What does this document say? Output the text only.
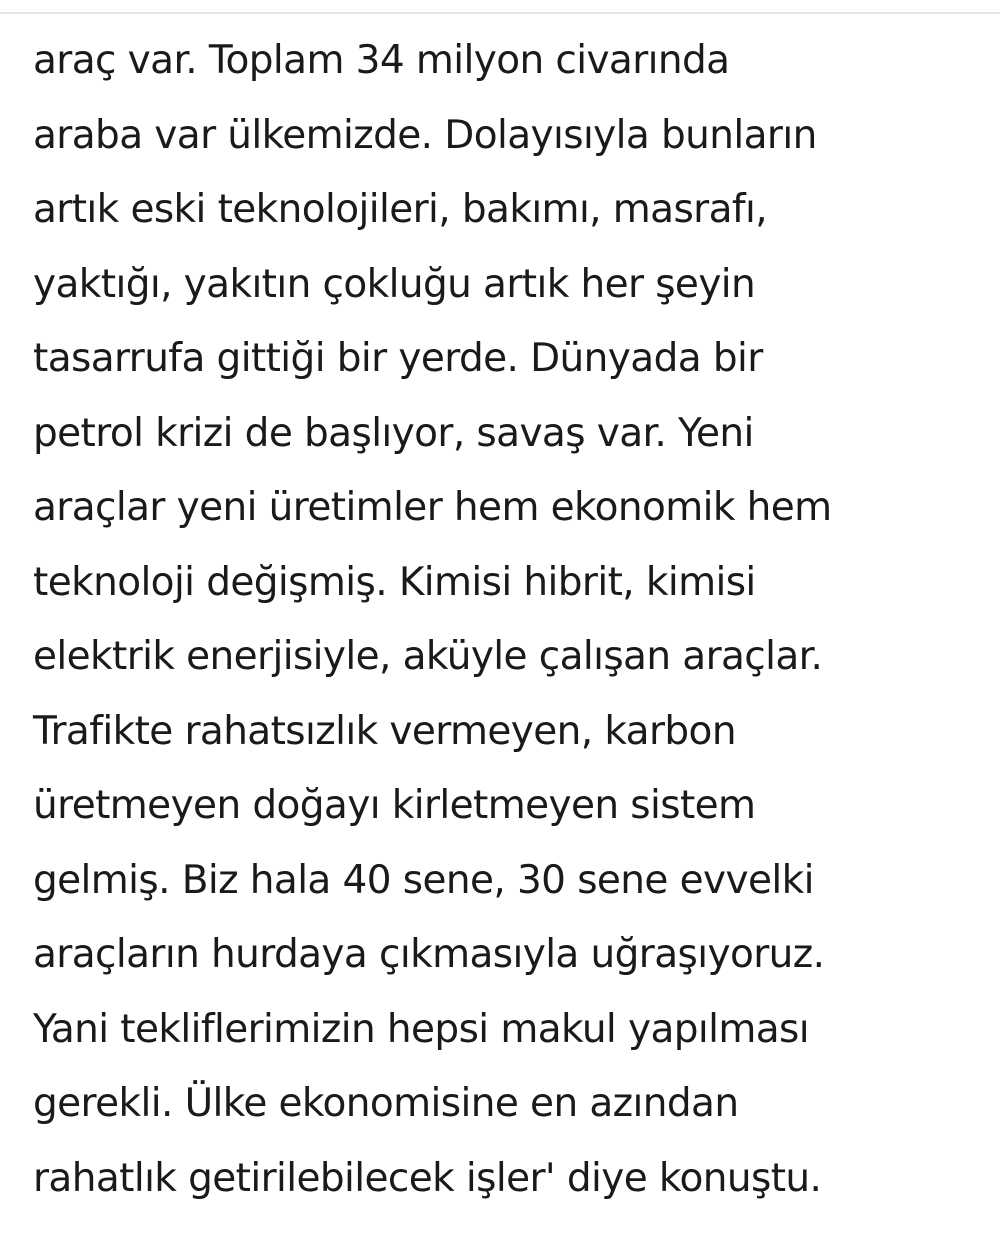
araç var. Toplam 34 milyon civarında
araba var ülkemizde. Dolayısıyla bunların
artık eski teknolojileri, bakımı, masrafı,
yaktığı, yakıtın çokluğu artık her şeyin
tasarrufa gittiği bir yerde. Dünyada bir
petrol krizi de başlıyor, savaş var. Yeni
araçlar yeni üretimler hem ekonomik hem
teknoloji değişmiş. Kimisi hibrit, kimisi
elektrik enerjisiyle, aküyle çalışan araçlar.
Trafikte rahatsızlık vermeyen, karbon
üretmeyen doğayı kirletmeyen sistem
gelmiş. Biz hala 40 sene, 30 sene evvelki
araçların hurdaya çıkmasıyla uğraşıyoruz.
Yani tekliflerimizin hepsi makul yapılması
gerekli. Ülke ekonomisine en azından
rahatlık getirilebilecek işler' diye konuştu.
